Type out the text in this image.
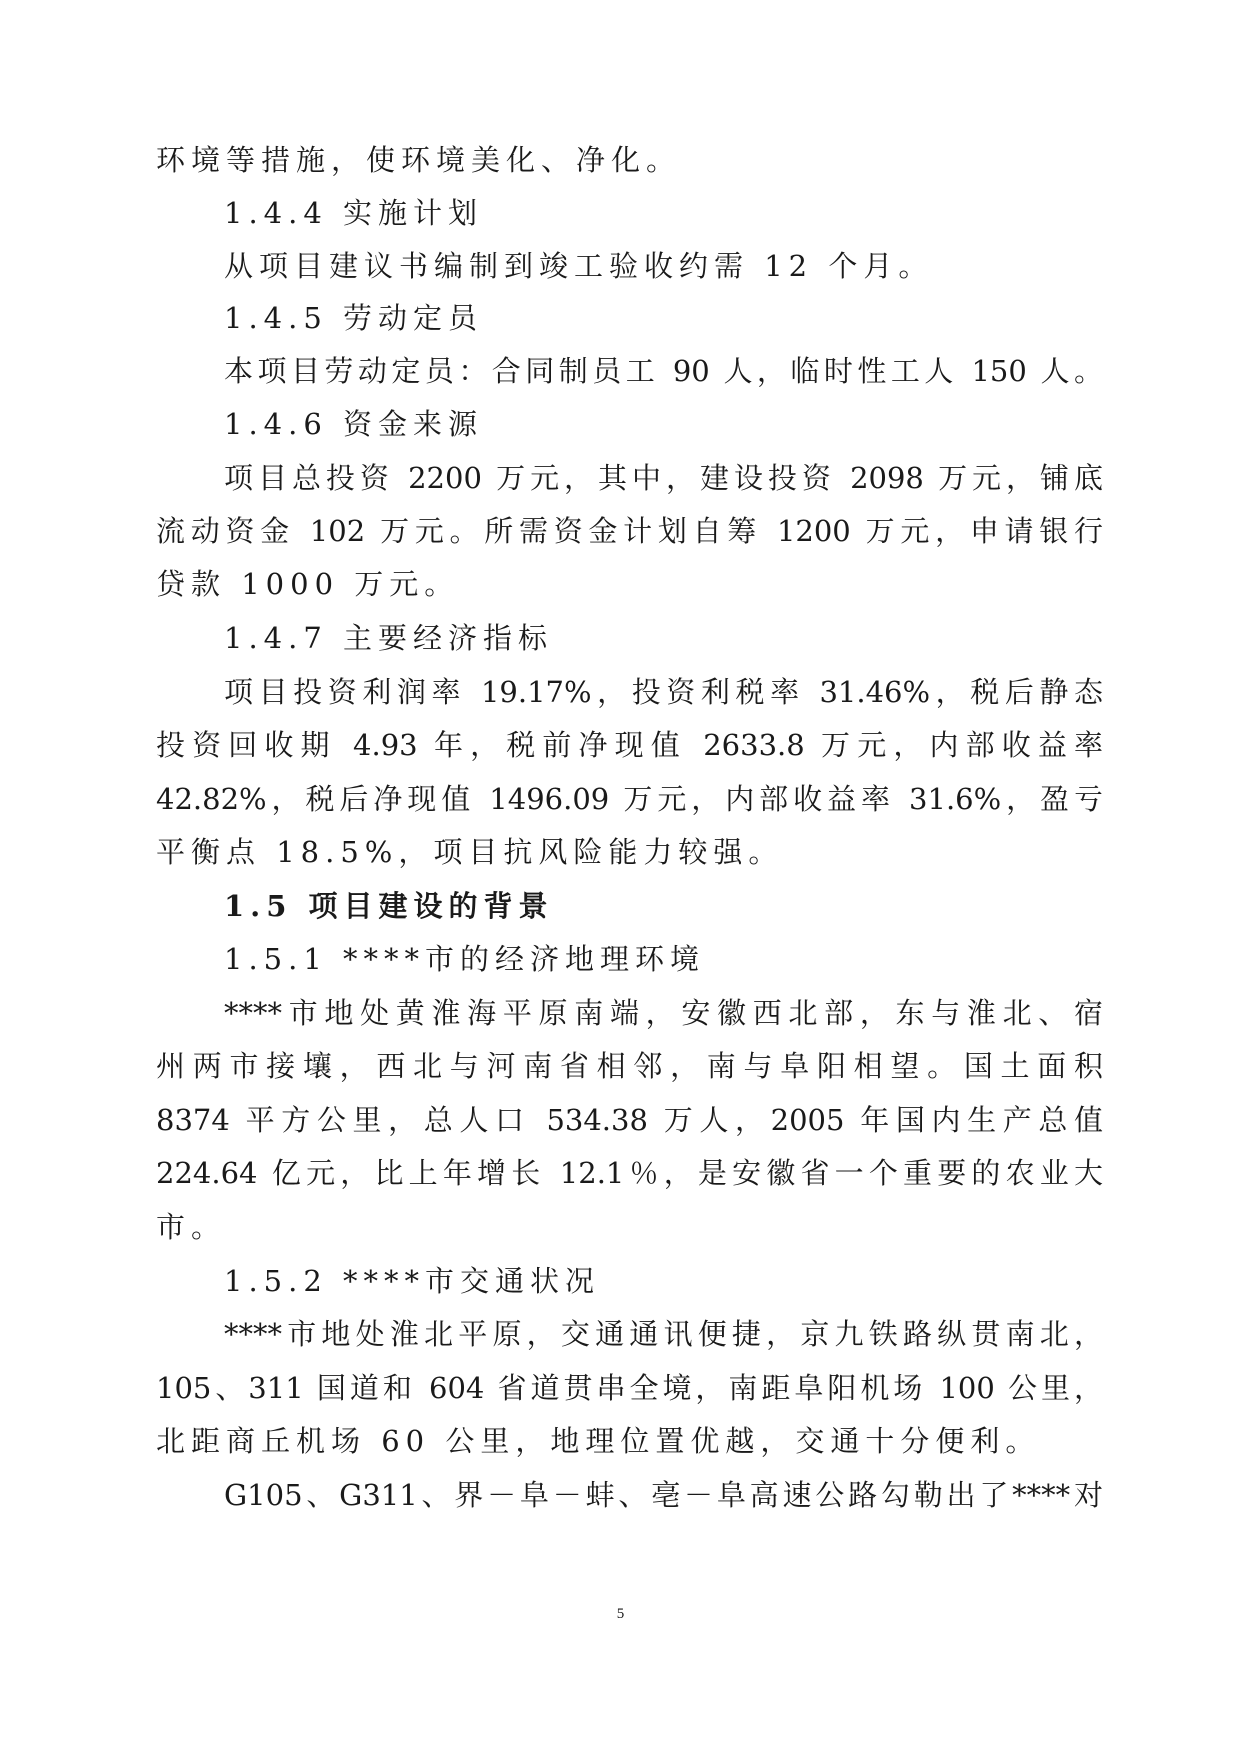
环境等措施，使环境美化、净化。
1.4.4 实施计划
从项目建议书编制到竣工验收约需 12 个月。
1.4.5 劳动定员
本项目劳动定员：合同制员工 90 人，临时性工人 150 人。
1.4.6 资金来源
项目总投资 2200 万元，其中，建设投资 2098 万元，铺底
流动资金 102 万元。所需资金计划自筹 1200 万元，申请银行
贷款 1000 万元。
1.4.7 主要经济指标
项目投资利润率 19.17%，投资利税率 31.46%，税后静态
投资回收期 4.93 年，税前净现值 2633.8 万元，内部收益率
42.82%，税后净现值 1496.09 万元，内部收益率 31.6%，盈亏
平衡点 18.5%，项目抗风险能力较强。
1.5 项目建设的背景
1.5.1 ****市的经济地理环境
****市地处黄淮海平原南端，安徽西北部，东与淮北、宿
州两市接壤，西北与河南省相邻，南与阜阳相望。国土面积
8374 平方公里，总人口 534.38 万人，2005 年国内生产总值
224.64 亿元，比上年增长 12.1％，是安徽省一个重要的农业大
市。
1.5.2 ****市交通状况
****市地处淮北平原，交通通讯便捷，京九铁路纵贯南北，
105、311 国道和 604 省道贯串全境，南距阜阳机场 100 公里，
北距商丘机场 60 公里，地理位置优越，交通十分便利。
G105、G311、界－阜－蚌、亳－阜高速公路勾勒出了****对
5
